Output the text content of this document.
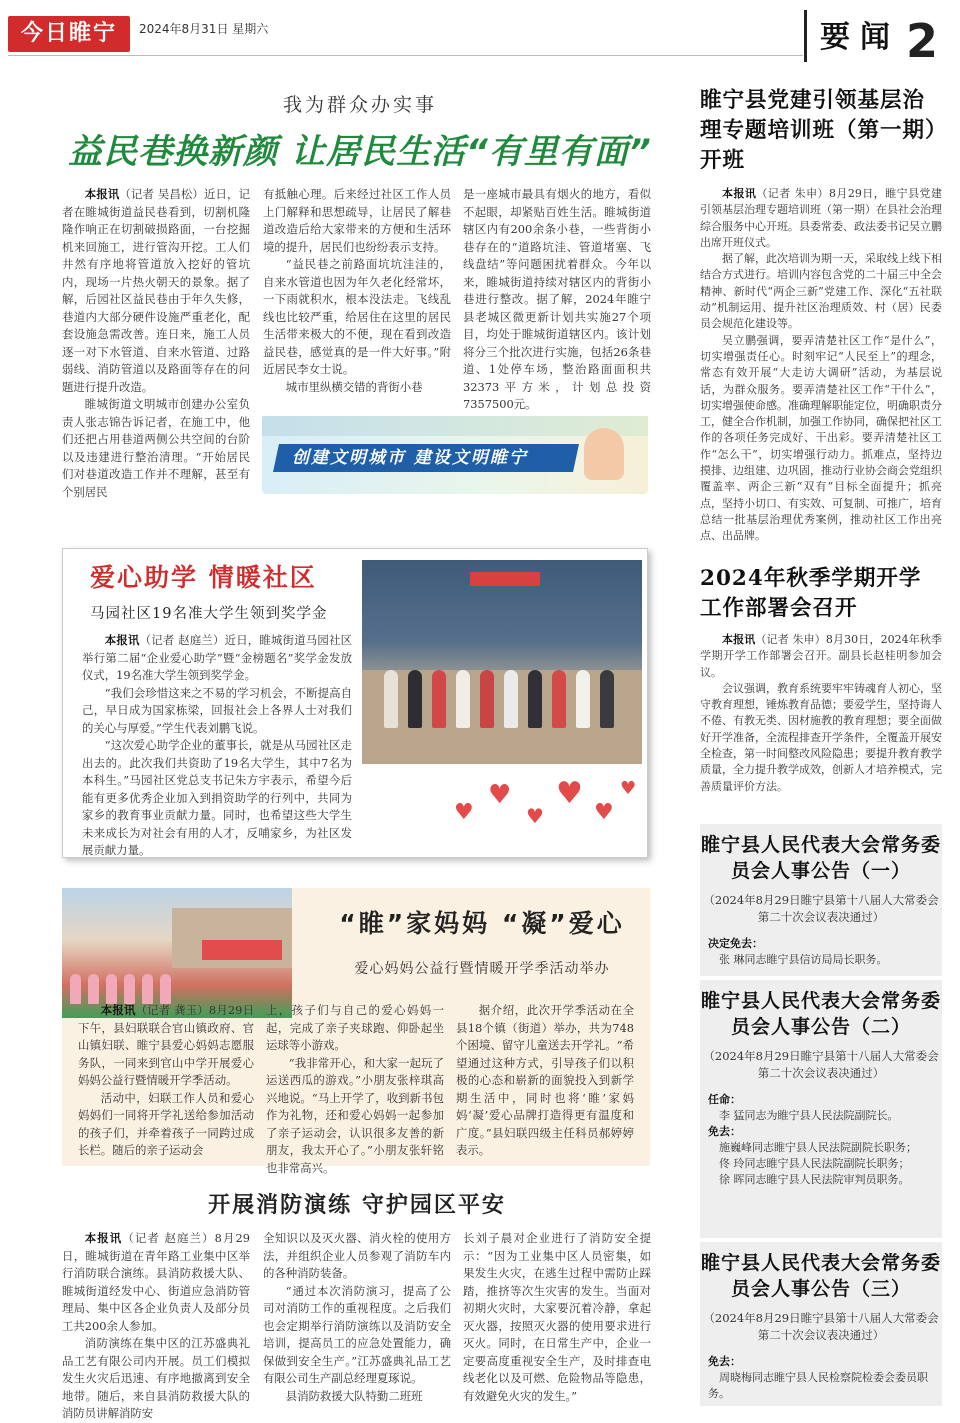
今日睢宁	2024年8月31日 星期六	要闻 2
我为群众办实事
益民巷换新颜 让居民生活“有里有面”

本报讯（记者 吴昌松）近日，记者在睢城街道益民巷看到，切割机隆隆作响正在切割破损路面，一台挖掘机来回施工，进行管沟开挖。工人们井然有序地将管道放入挖好的管坑内，现场一片热火朝天的景象。据了解，后园社区益民巷由于年久失修，巷道内大部分硬件设施严重老化，配套设施急需改善。连日来，施工人员逐一对下水管道、自来水管道、过路弱线、消防管道以及路面等存在的问题进行提升改造。

睢城街道文明城市创建办公室负责人张志锦告诉记者，在施工中，他们还把占用巷道两侧公共空间的台阶以及违建进行整治清理。“开始居民们对巷道改造工作并不理解，甚至有个别居民

有抵触心理。后来经过社区工作人员上门解释和思想疏导，让居民了解巷道改造后给大家带来的方便和生活环境的提升，居民们也纷纷表示支持。

“益民巷之前路面坑坑洼洼的，自来水管道也因为年久老化经常坏，一下雨就积水，根本没法走。飞线乱线也比较严重，给居住在这里的居民生活带来极大的不便，现在看到改造益民巷，感觉真的是一件大好事。”附近居民李女士说。

城市里纵横交错的背街小巷

是一座城市最具有烟火的地方，看似不起眼，却紧贴百姓生活。睢城街道辖区内有200余条小巷，一些背街小巷存在的“道路坑洼、管道堵塞、飞线盘结”等问题困扰着群众。今年以来，睢城街道持续对辖区内的背街小巷进行整改。据了解，2024年睢宁县老城区微更新计划共实施27个项目，均处于睢城街道辖区内。该计划将分三个批次进行实施，包括26条巷道、1处停车场，整治路面面积共32373平方米，计划总投资7357500元。

创建文明城市 建设文明睢宁
爱心助学 情暖社区
马园社区19名准大学生领到奖学金

本报讯（记者 赵庭兰）近日，睢城街道马园社区举行第二届“企业爱心助学”暨“金榜题名”奖学金发放仪式，19名准大学生领到奖学金。

“我们会珍惜这来之不易的学习机会，不断提高自己，早日成为国家栋梁，回报社会上各界人士对我们的关心与厚爱。”学生代表刘鹏飞说。

“这次爱心助学企业的董事长，就是从马园社区走出去的。此次我们共资助了19名大学生，其中7名为本科生。”马园社区党总支书记朱方宇表示，希望今后能有更多优秀企业加入到捐资助学的行列中，共同为家乡的教育事业贡献力量。同时，也希望这些大学生未来成长为对社会有用的人才，反哺家乡，为社区发展贡献力量。

♥
♥
♥
♥
♥
♥
“睢”家妈妈 “凝”爱心
爱心妈妈公益行暨情暖开学季活动举办

本报讯（记者 龚玉）8月29日下午，县妇联联合官山镇政府、官山镇妇联、睢宁县爱心妈妈志愿服务队，一同来到官山中学开展爱心妈妈公益行暨情暖开学季活动。

活动中，妇联工作人员和爱心妈妈们一同将开学礼送给参加活动的孩子们，并牵着孩子一同跨过成长栏。随后的亲子运动会

上，孩子们与自己的爱心妈妈一起，完成了亲子夹球跑、仰卧起坐运球等小游戏。

“我非常开心，和大家一起玩了运送西瓜的游戏。”小朋友张梓琪高兴地说。“马上开学了，收到新书包作为礼物，还和爱心妈妈一起参加了亲子运动会，认识很多友善的新朋友，我太开心了。”小朋友张轩铭也非常高兴。

据介绍，此次开学季活动在全县18个镇（街道）举办，共为748个困境、留守儿童送去开学礼。“希望通过这种方式，引导孩子们以积极的心态和崭新的面貌投入到新学期生活中，同时也将‘睢’家妈妈‘凝’爱心品牌打造得更有温度和广度。”县妇联四级主任科员郝婷婷表示。

开展消防演练 守护园区平安

本报讯（记者 赵庭兰）8月29日，睢城街道在青年路工业集中区举行消防联合演练。县消防救援大队、睢城街道经发中心、街道应急消防管理局、集中区各企业负责人及部分员工共200余人参加。

消防演练在集中区的江苏盛典礼品工艺有限公司内开展。员工们模拟发生火灾后迅速、有序地撤离到安全地带。随后，来自县消防救援大队的消防员讲解消防安

全知识以及灭火器、消火栓的使用方法，并组织企业人员参观了消防车内的各种消防装备。

“通过本次消防演习，提高了公司对消防工作的重视程度。之后我们也会定期举行消防演练以及消防安全培训，提高员工的应急处置能力，确保做到安全生产。”江苏盛典礼品工艺有限公司生产副总经理夏琢说。

县消防救援大队特勤二班班

长刘子晨对企业进行了消防安全提示：“因为工业集中区人员密集，如果发生火灾，在逃生过程中需防止踩踏，推挤等次生灾害的发生。当面对初期火灾时，大家要沉着冷静，拿起灭火器，按照灭火器的使用要求进行灭火。同时，在日常生产中，企业一定要高度重视安全生产，及时排查电线老化以及可燃、危险物品等隐患，有效避免火灾的发生。”

睢宁县党建引领基层治理专题培训班（第一期）开班

本报讯（记者 朱申）8月29日，睢宁县党建引领基层治理专题培训班（第一期）在县社会治理综合服务中心开班。县委常委、政法委书记吴立鹏出席开班仪式。

据了解，此次培训为期一天，采取线上线下相结合方式进行。培训内容包含党的二十届三中全会精神、新时代“两企三新”党建工作、深化“五社联动”机制运用、提升社区治理质效、村（居）民委员会规范化建设等。

吴立鹏强调，要弄清楚社区工作“是什么”，切实增强责任心。时刻牢记“人民至上”的理念，常态有效开展“大走访大调研”活动，为基层说话，为群众服务。要弄清楚社区工作“干什么”，切实增强使命感。准确理解职能定位，明确职责分工，健全合作机制，加强工作协同，确保把社区工作的各项任务完成好、干出彩。要弄清楚社区工作“怎么干”，切实增强行动力。抓难点，坚持边摸排、边组建、边巩固，推动行业协会商会党组织覆盖率、两企三新“双有”目标全面提升；抓亮点，坚持小切口、有实效、可复制、可推广，培育总结一批基层治理优秀案例，推动社区工作出亮点、出品牌。

2024年秋季学期开学工作部署会召开

本报讯（记者 朱申）8月30日，2024年秋季学期开学工作部署会召开。副县长赵桂明参加会议。

会议强调，教育系统要牢牢铸魂育人初心，坚守教育理想，锤炼教育品德；要爱学生，坚持诲人不倦、有教无类、因材施教的教育理想；要全面做好开学准备，全流程排查开学条件，全覆盖开展安全检查，第一时间整改风险隐患；要提升教育教学质量，全力提升教学成效，创新人才培养模式，完善质量评价方法。

睢宁县人民代表大会常务委员会人事公告（一）
（2024年8月29日睢宁县第十八届人大常委会第二十次会议表决通过）
决定免去：
张 琳同志睢宁县信访局局长职务。
睢宁县人民代表大会常务委员会人事公告（二）
（2024年8月29日睢宁县第十八届人大常委会第二十次会议表决通过）
任命：
李 猛同志为睢宁县人民法院副院长。
免去：
施巍峰同志睢宁县人民法院副院长职务；
佟 玲同志睢宁县人民法院副院长职务；
徐 晖同志睢宁县人民法院审判员职务。
睢宁县人民代表大会常务委员会人事公告（三）
（2024年8月29日睢宁县第十八届人大常委会第二十次会议表决通过）
免去：
周晓梅同志睢宁县人民检察院检委会委员职务。
